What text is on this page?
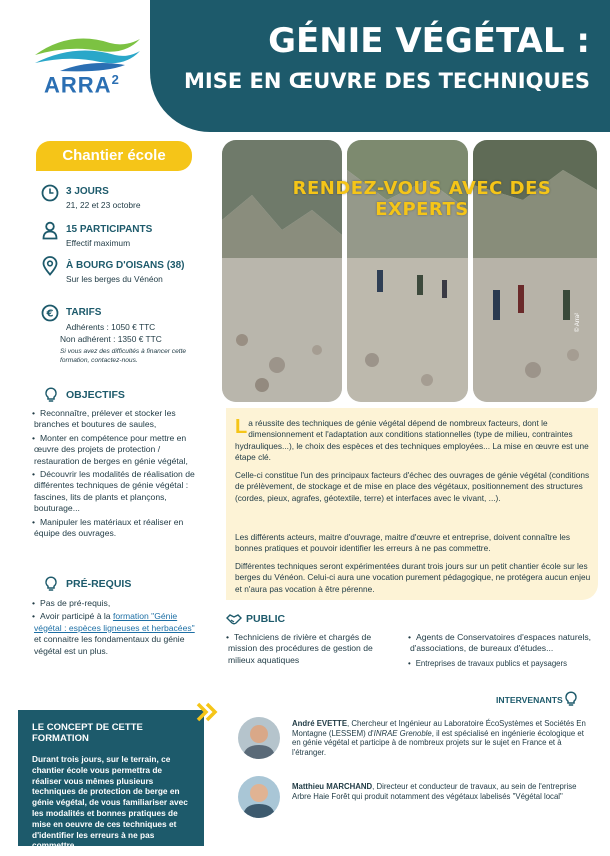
GÉNIE VÉGÉTAL :
MISE EN ŒUVRE DES TECHNIQUES
ARRA$^2$
Chantier école
3 JOURS
21, 22 et 23 octobre
15 PARTICIPANTS
Effectif maximum
À BOURG D'OISANS (38)
Sur les berges du Vénéon
€ TARIFS
Adhérents : 1050 € TTC
Non adhérent : 1350 € TTC
Si vous avez des difficultés à financer cette formation, contactez-nous.
OBJECTIFS
• Reconnaître, prélever et stocker les branches et boutures de saules,
• Monter en compétence pour mettre en œuvre des projets de protection / restauration de berges en génie végétal,
• Découvrir les modalités de réalisation de différentes techniques de génie végétal : fascines, lits de plants et plançons, bouturage...
• Manipuler les matériaux et réaliser en équipe des ouvrages.
PRÉ-REQUIS
• Pas de pré-requis,
• Avoir participé à la formation "Génie végétal : espèces ligneuses et herbacées" et connaitre les fondamentaux du génie végétal est un plus.
© Arra²
RENDEZ-VOUS AVEC DES EXPERTS
La réussite des techniques de génie végétal dépend de nombreux facteurs, dont le dimensionnement et l'adaptation aux conditions stationnelles (type de milieu, contraintes hydrauliques...), le choix des espèces et des techniques employées... La mise en œuvre est une étape clé.
Celle-ci constitue l'un des principaux facteurs d'échec des ouvrages de génie végétal (conditions de prélèvement, de stockage et de mise en place des végétaux, positionnement des structures (cordes, pieux, agrafes, géotextile, terre) et interfaces avec le vivant, ...).
Les différents acteurs, maitre d'ouvrage, maitre d'œuvre et entreprise, doivent connaître les bonnes pratiques et pouvoir identifier les erreurs à ne pas commettre.
Différentes techniques seront expérimentées durant trois jours sur un petit chantier école sur les berges du Vénéon. Celui-ci aura une vocation purement pédagogique, ne protégera aucun enjeu et n'aura pas vocation à être pérenne.
PUBLIC
• Techniciens de rivière et chargés de mission des procédures de gestion de milieux aquatiques
• Agents de Conservatoires d'espaces naturels, d'associations, de bureaux d'études...
• Entreprises de travaux publics et paysagers
LE CONCEPT DE CETTE FORMATION
Durant trois jours, sur le terrain, ce chantier école vous permettra de réaliser vous mêmes plusieurs techniques de protection de berge en génie végétal, de vous familiariser avec les modalités et bonnes pratiques de mise en oeuvre de ces techniques et d'identifier les erreurs à ne pas commettre.
INTERVENANTS
André EVETTE, Chercheur et Ingénieur au Laboratoire ÉcoSystèmes et Sociétés En Montagne (LESSEM) d'INRAE Grenoble, il est spécialisé en ingénierie écologique et en génie végétal et participe à de nombreux projets sur le sujet en France et à l'étranger.
Matthieu MARCHAND, Directeur et conducteur de travaux, au sein de l'entreprise Arbre Haie Forêt qui produit notamment des végétaux labelisés "Végétal local"
